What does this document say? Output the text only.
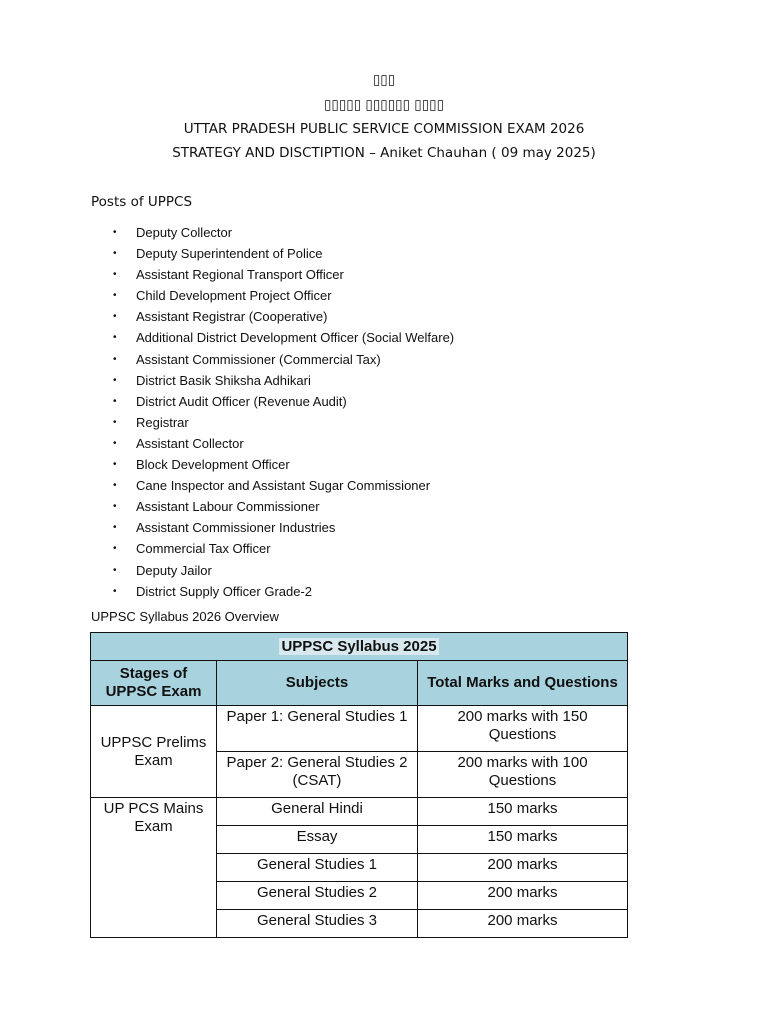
▯▯▯

▯▯▯▯▯ ▯▯▯▯▯▯ ▯▯▯▯

UTTAR PRADESH PUBLIC SERVICE COMMISSION EXAM 2026

STRATEGY AND DISCTIPTION – Aniket Chauhan ( 09 may 2025)

Posts of UPPCS
• Deputy Collector
• Deputy Superintendent of Police
• Assistant Regional Transport Officer
• Child Development Project Officer
• Assistant Registrar (Cooperative)
• Additional District Development Officer (Social Welfare)
• Assistant Commissioner (Commercial Tax)
• District Basik Shiksha Adhikari
• District Audit Officer (Revenue Audit)
• Registrar
• Assistant Collector
• Block Development Officer
• Cane Inspector and Assistant Sugar Commissioner
• Assistant Labour Commissioner
• Assistant Commissioner Industries
• Commercial Tax Officer
• Deputy Jailor
• District Supply Officer Grade-2

UPPSC Syllabus 2026 Overview

UPPSC Syllabus 2025		
Stages of UPPSC Exam	Subjects	Total Marks and Questions
UPPSC Prelims Exam	Paper 1: General Studies 1	200 marks with 150 Questions
	Paper 2: General Studies 2 (CSAT)	200 marks with 100 Questions
UP PCS Mains Exam	General Hindi	150 marks
	Essay	150 marks
	General Studies 1	200 marks
	General Studies 2	200 marks
	General Studies 3	200 marks
